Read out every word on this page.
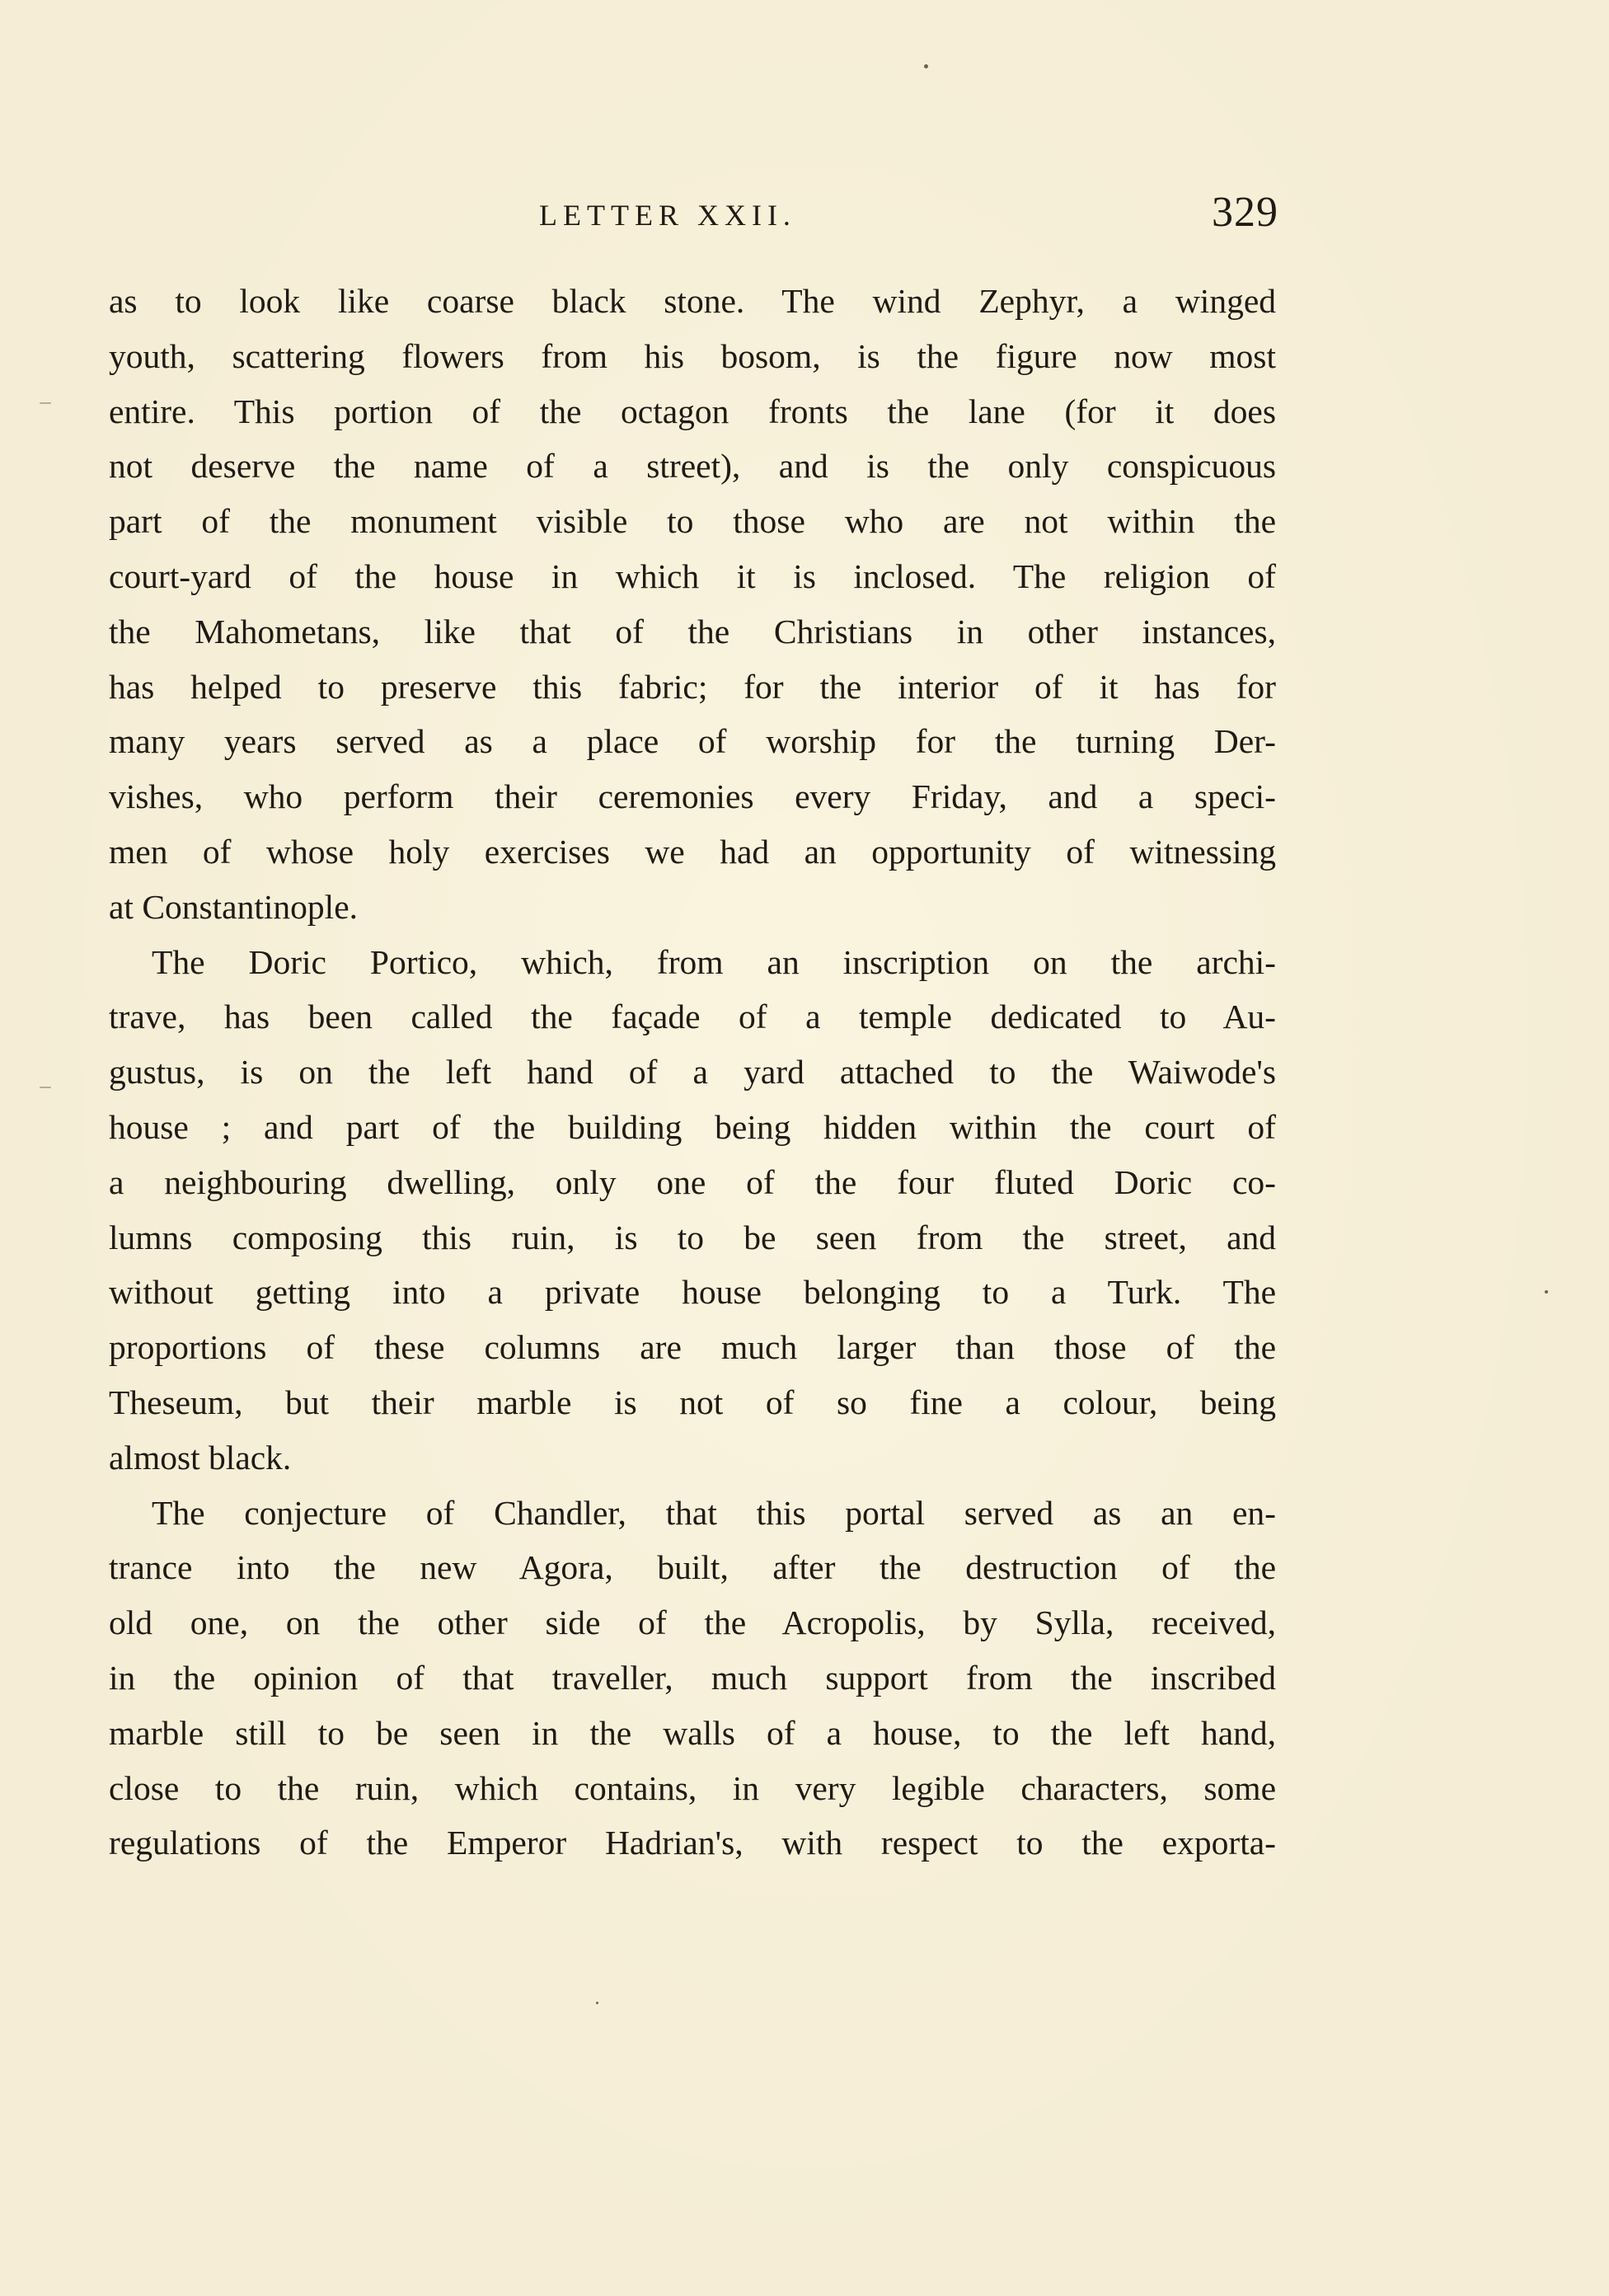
LETTER XXII.	329
as to look like coarse black stone. The wind Zephyr, a winged
youth, scattering flowers from his bosom, is the figure now most
entire. This portion of the octagon fronts the lane (for it does
not deserve the name of a street), and is the only conspicuous
part of the monument visible to those who are not within the
court-yard of the house in which it is inclosed. The religion of
the Mahometans, like that of the Christians in other instances,
has helped to preserve this fabric; for the interior of it has for
many years served as a place of worship for the turning Der-
vishes, who perform their ceremonies every Friday, and a speci-
men of whose holy exercises we had an opportunity of witnessing
at Constantinople.
The Doric Portico, which, from an inscription on the archi-
trave, has been called the façade of a temple dedicated to Au-
gustus, is on the left hand of a yard attached to the Waiwode's
house ; and part of the building being hidden within the court of
a neighbouring dwelling, only one of the four fluted Doric co-
lumns composing this ruin, is to be seen from the street, and
without getting into a private house belonging to a Turk. The
proportions of these columns are much larger than those of the
Theseum, but their marble is not of so fine a colour, being
almost black.
The conjecture of Chandler, that this portal served as an en-
trance into the new Agora, built, after the destruction of the
old one, on the other side of the Acropolis, by Sylla, received,
in the opinion of that traveller, much support from the inscribed
marble still to be seen in the walls of a house, to the left hand,
close to the ruin, which contains, in very legible characters, some
regulations of the Emperor Hadrian's, with respect to the exporta-
